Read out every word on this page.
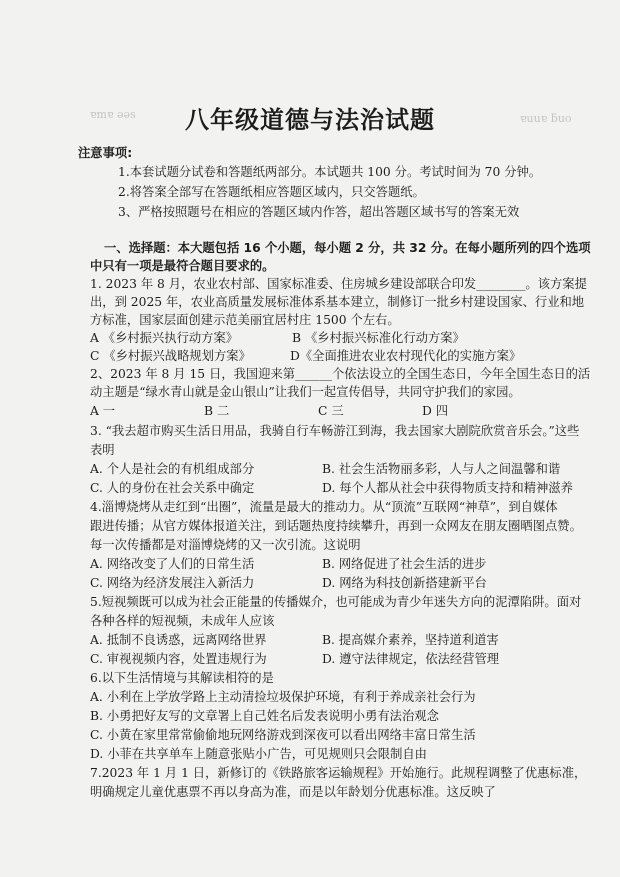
ɐmɐ ǝǝs	ɐuuɐ ƃuo
八年级道德与法治试题
注意事项:
1.本套试题分试卷和答题纸两部分。本试题共 100 分。考试时间为 70 分钟。
2.将答案全部写在答题纸相应答题区域内，只交答题纸。
3、严格按照题号在相应的答题区域内作答，超出答题区域书写的答案无效
一、选择题：本大题包括 16 个小题，每小题 2 分，共 32 分。在每小题所列的四个选项
中只有一项是最符合题目要求的。
1. 2023 年 8 月，农业农村部、国家标准委、住房城乡建设部联合印发________。该方案提
出，到 2025 年，农业高质量发展标准体系基本建立，制修订一批乡村建设国家、行业和地
方标准，国家层面创建示范美丽宜居村庄 1500 个左右。
A 《乡村振兴执行动方案》	B 《乡村振兴标准化行动方案》
C 《乡村振兴战略规划方案》	D《全面推进农业农村现代化的实施方案》
2、2023 年 8 月 15 日，我国迎来第______个依法设立的全国生态日，今年全国生态日的活
动主题是“绿水青山就是金山银山”让我们一起宣传倡导，共同守护我们的家园。
A 一	B 二	C 三	D 四
3. “我去超市购买生活日用品，我骑自行车畅游江到海，我去国家大剧院欣赏音乐会。”这些
表明
A. 个人是社会的有机组成部分	B. 社会生活物丽多彩，人与人之间温馨和谐
C. 人的身份在社会关系中确定	D. 每个人都从社会中获得物质支持和精神滋养
4.淄博烧烤从走红到“出圈”，流量是最大的推动力。从“顶流”互联网“神草”，到自媒体
跟进传播；从官方媒体报道关注，到话题热度持续攀升，再到一众网友在朋友圈晒图点赞。
每一次传播都是对淄博烧烤的又一次引流。这说明
A. 网络改变了人们的日常生活	B. 网络促进了社会生活的进步
C. 网络为经济发展注入新活力	D. 网络为科技创新搭建新平台
5.短视频既可以成为社会正能量的传播媒介，也可能成为青少年迷失方向的泥潭陷阱。面对
各种各样的短视频，未成年人应该
A. 抵制不良诱惑，远离网络世界	B. 提高媒介素养，坚持道利道害
C. 审视视频内容，处置违规行为	D. 遵守法律规定，依法经营管理
6.以下生活情境与其解读相符的是
A. 小利在上学放学路上主动清捡垃圾保护环境，有利于养成亲社会行为
B. 小勇把好友写的文章署上自己姓名后发表说明小勇有法治观念
C. 小黄在家里常常偷偷地玩网络游戏到深夜可以看出网络丰富日常生活
D. 小菲在共享单车上随意张贴小广告，可见规则只会限制自由
7.2023 年 1 月 1 日，新修订的《铁路旅客运输规程》开始施行。此规程调整了优惠标准，
明确规定儿童优惠票不再以身高为准，而是以年龄划分优惠标准。这反映了
